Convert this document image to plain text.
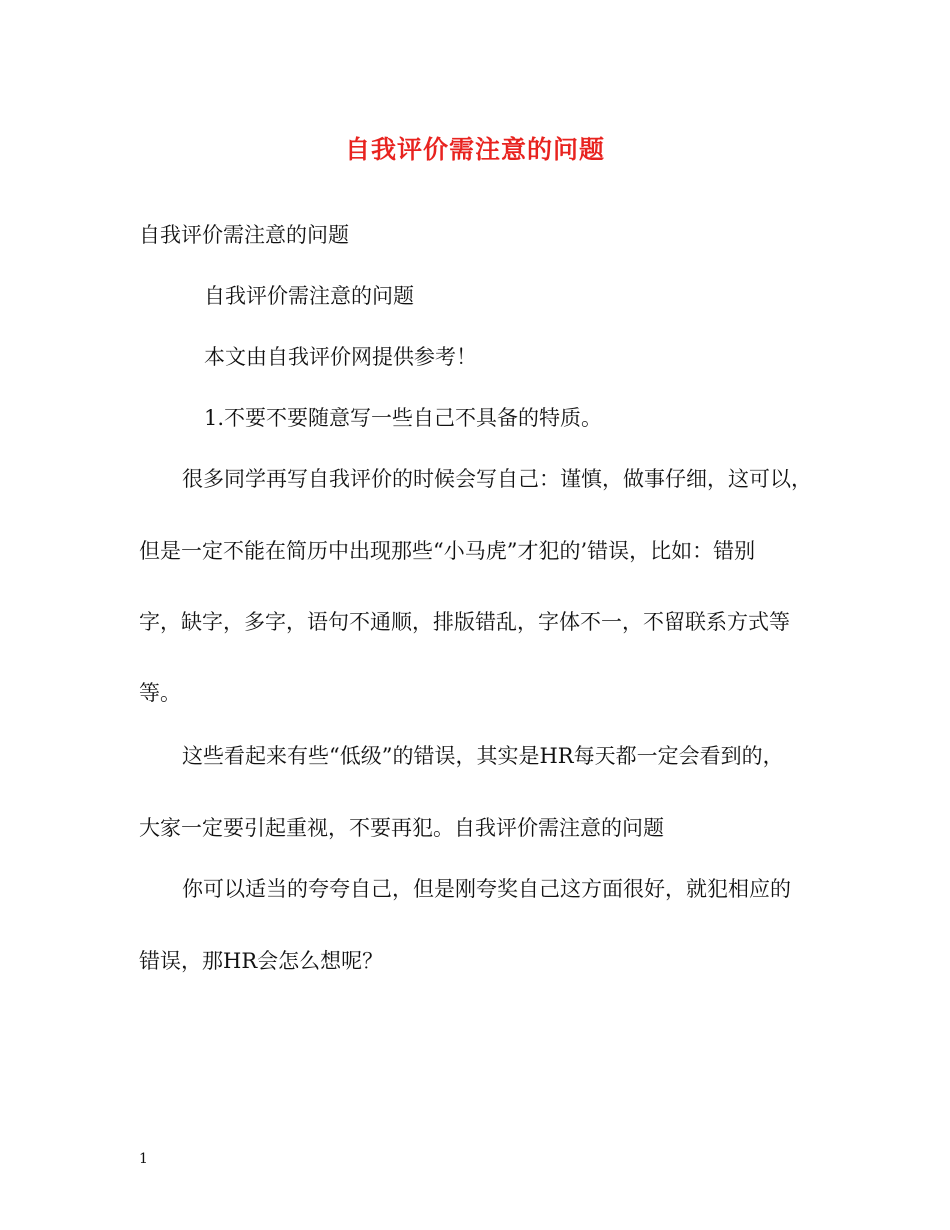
自我评价需注意的问题
自我评价需注意的问题
自我评价需注意的问题
本文由自我评价网提供参考！
1.不要不要随意写一些自己不具备的特质。
很多同学再写自我评价的时候会写自己：谨慎，做事仔细，这可以，
但是一定不能在简历中出现那些“小马虎”才犯的’错误，比如：错别
字，缺字，多字，语句不通顺，排版错乱，字体不一，不留联系方式等
等。
这些看起来有些“低级”的错误，其实是HR每天都一定会看到的，
大家一定要引起重视，不要再犯。自我评价需注意的问题
你可以适当的夸夸自己，但是刚夸奖自己这方面很好，就犯相应的
错误，那HR会怎么想呢？
1
